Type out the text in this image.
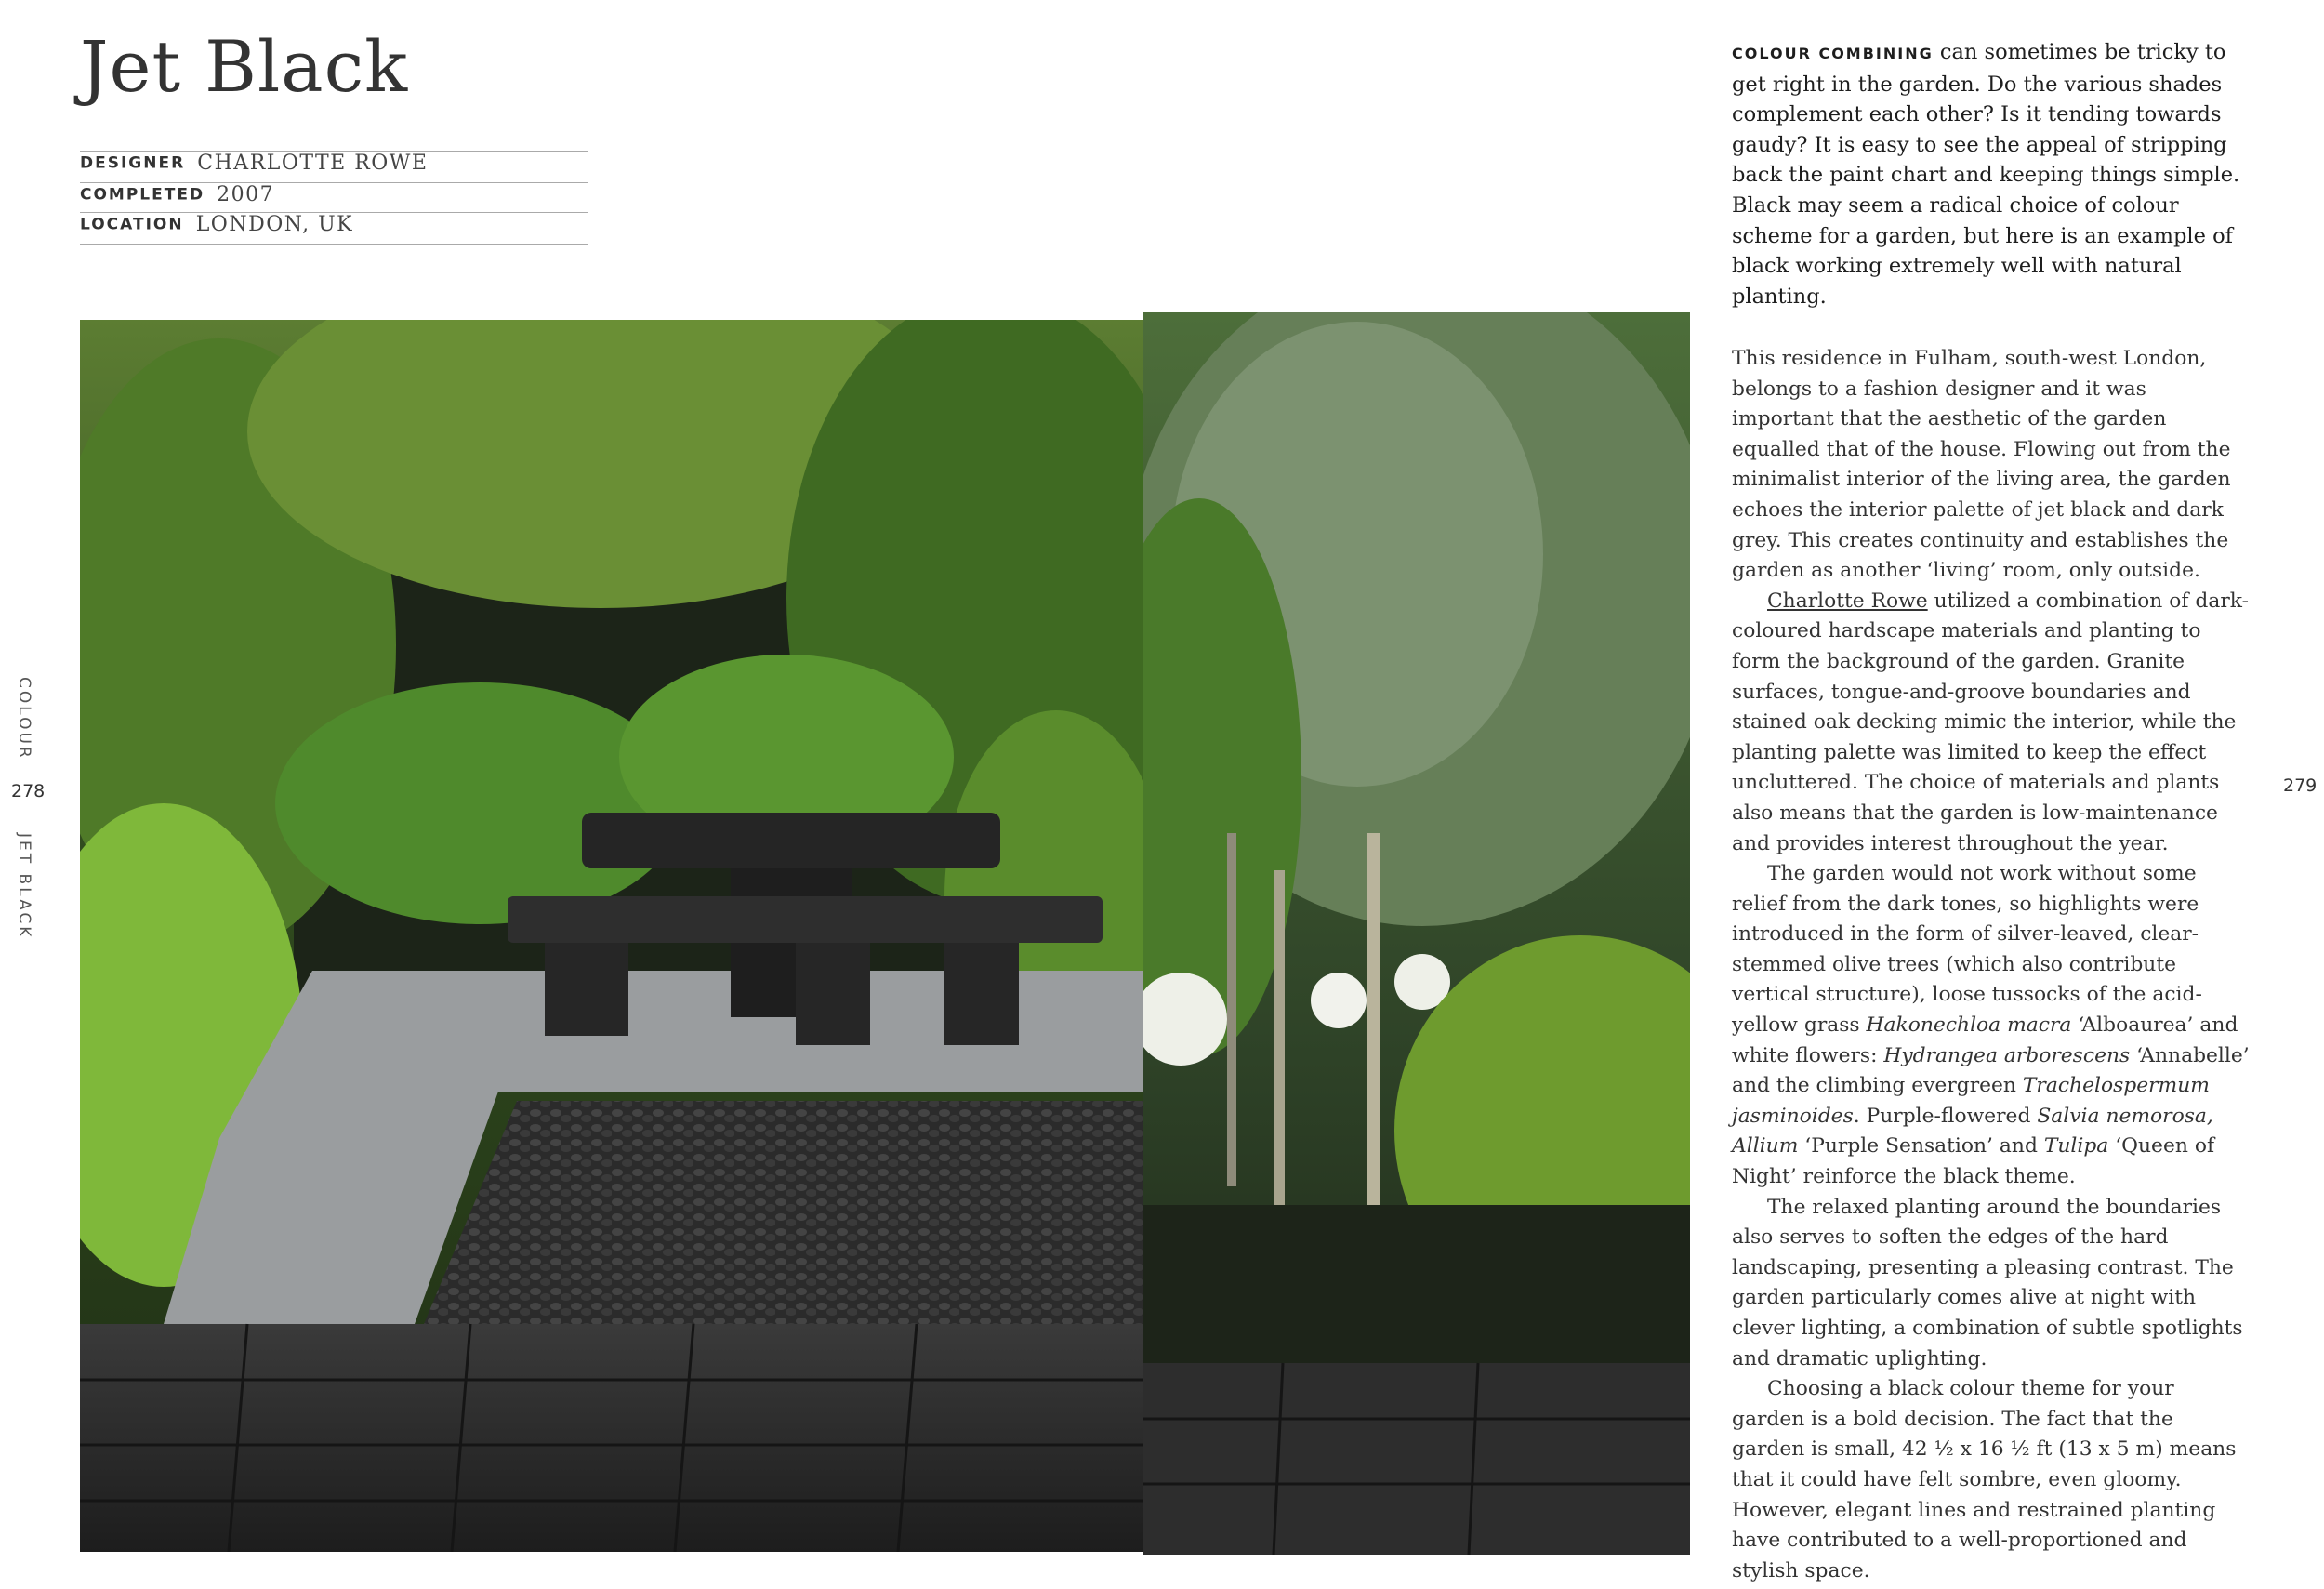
Jet Black
DESIGNER CHARLOTTE ROWE
COMPLETED 2007
LOCATION LONDON, UK
COLOUR
278
JET BLACK
279
COLOUR COMBINING can sometimes be tricky to get right in the garden. Do the various shades complement each other? Is it tending towards gaudy? It is easy to see the appeal of stripping back the paint chart and keeping things simple. Black may seem a radical choice of colour scheme for a garden, but here is an example of black working extremely well with natural planting.

This residence in Fulham, south-west London, belongs to a fashion designer and it was important that the aesthetic of the garden equalled that of the house. Flowing out from the minimalist interior of the living area, the garden echoes the interior palette of jet black and dark grey. This creates continuity and establishes the garden as another ‘living’ room, only outside.

Charlotte Rowe utilized a combination of dark-coloured hardscape materials and planting to form the background of the garden. Granite surfaces, tongue-and-groove boundaries and stained oak decking mimic the interior, while the planting palette was limited to keep the effect uncluttered. The choice of materials and plants also means that the garden is low-maintenance and provides interest throughout the year.

The garden would not work without some relief from the dark tones, so highlights were introduced in the form of silver-leaved, clear-stemmed olive trees (which also contribute vertical structure), loose tussocks of the acid-yellow grass Hakonechloa macra ‘Alboaurea’ and white flowers: Hydrangea arborescens ‘Annabelle’ and the climbing evergreen Trachelospermum jasminoides. Purple-flowered Salvia nemorosa, Allium ‘Purple Sensation’ and Tulipa ‘Queen of Night’ reinforce the black theme.

The relaxed planting around the boundaries also serves to soften the edges of the hard landscaping, presenting a pleasing contrast. The garden particularly comes alive at night with clever lighting, a combination of subtle spotlights and dramatic uplighting.

Choosing a black colour theme for your garden is a bold decision. The fact that the garden is small, 42 ½ x 16 ½ ft (13 x 5 m) means that it could have felt sombre, even gloomy. However, elegant lines and restrained planting have contributed to a well-proportioned and stylish space.
